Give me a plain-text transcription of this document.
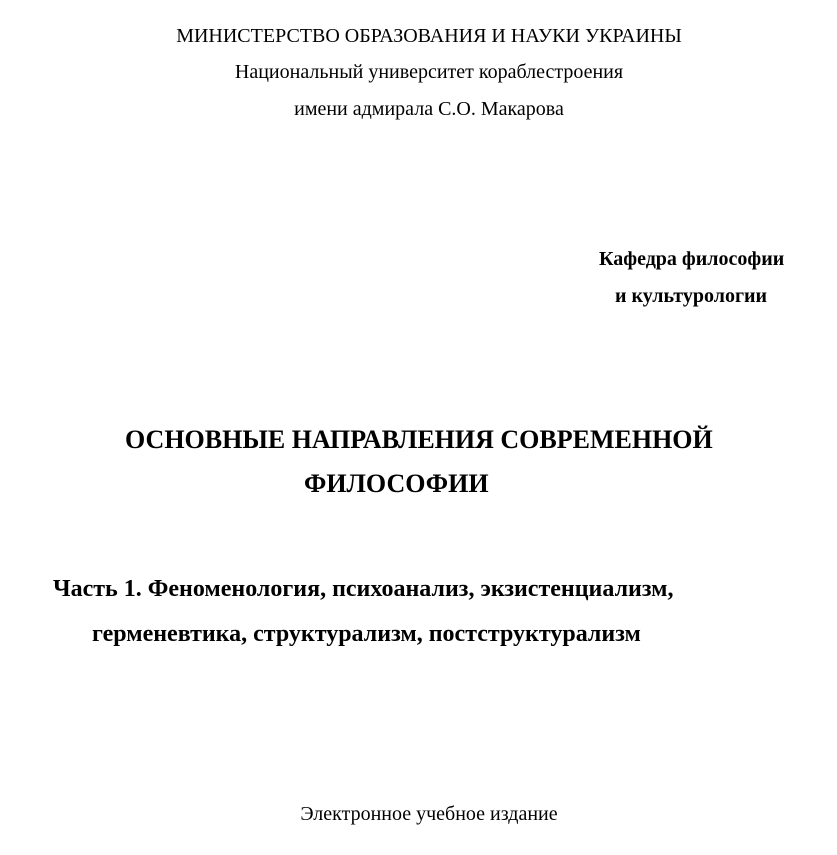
МИНИСТЕРСТВО ОБРАЗОВАНИЯ И НАУКИ УКРАИНЫ
Национальный университет кораблестроения
имени адмирала С.О. Макарова
Кафедра философии
и культурологии
ОСНОВНЫЕ НАПРАВЛЕНИЯ СОВРЕМЕННОЙ
ФИЛОСОФИИ
Часть 1. Феноменология, психоанализ, экзистенциализм,
герменевтика, структурализм, постструктурализм
Электронное учебное издание
